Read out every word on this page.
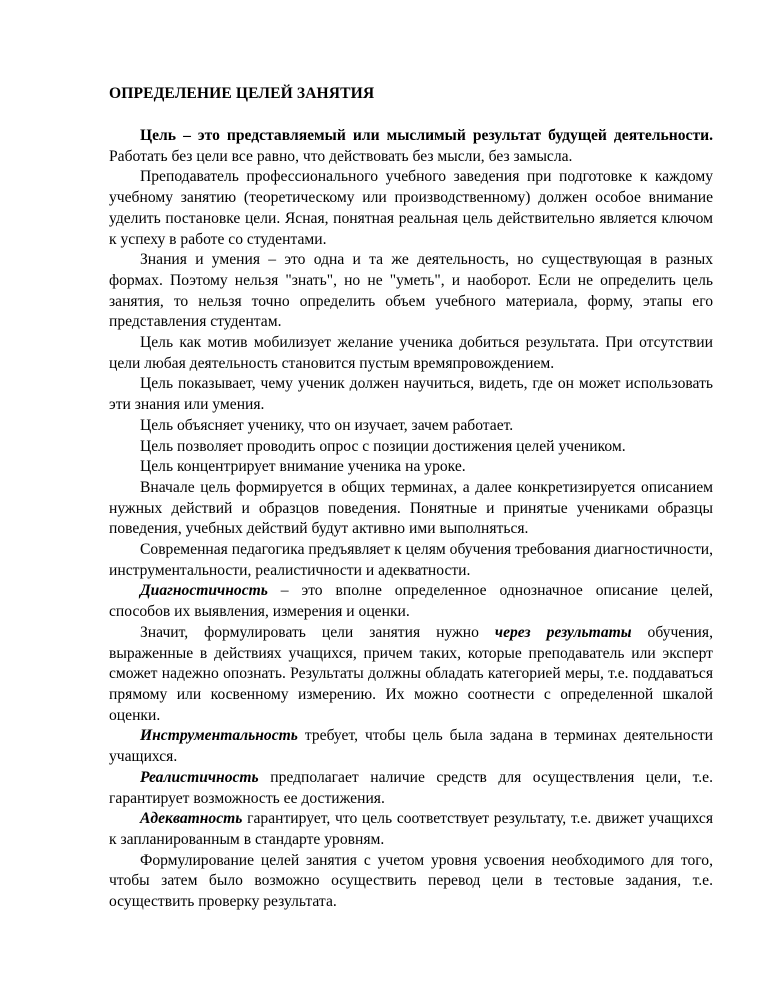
ОПРЕДЕЛЕНИЕ ЦЕЛЕЙ ЗАНЯТИЯ

Цель – это представляемый или мыслимый результат будущей деятельности. Работать без цели все равно, что действовать без мысли, без замысла.

Преподаватель профессионального учебного заведения при подготовке к каждому учебному занятию (теоретическому или производственному) должен особое внимание уделить постановке цели. Ясная, понятная реальная цель действительно является ключом к успеху в работе со студентами.

Знания и умения – это одна и та же деятельность, но существующая в разных формах. Поэтому нельзя "знать", но не "уметь", и наоборот. Если не определить цель занятия, то нельзя точно определить объем учебного материала, форму, этапы его представления студентам.

Цель как мотив мобилизует желание ученика добиться результата. При отсутствии цели любая деятельность становится пустым времяпровождением.

Цель показывает, чему ученик должен научиться, видеть, где он может использовать эти знания или умения.

Цель объясняет ученику, что он изучает, зачем работает.

Цель позволяет проводить опрос с позиции достижения целей учеником.

Цель концентрирует внимание ученика на уроке.

Вначале цель формируется в общих терминах, а далее конкретизируется описанием нужных действий и образцов поведения. Понятные и принятые учениками образцы поведения, учебных действий будут активно ими выполняться.

Современная педагогика предъявляет к целям обучения требования диагностичности, инструментальности, реалистичности и адекватности.

Диагностичность – это вполне определенное однозначное описание целей, способов их выявления, измерения и оценки.

Значит, формулировать цели занятия нужно через результаты обучения, выраженные в действиях учащихся, причем таких, которые преподаватель или эксперт сможет надежно опознать. Результаты должны обладать категорией меры, т.е. поддаваться прямому или косвенному измерению. Их можно соотнести с определенной шкалой оценки.

Инструментальность требует, чтобы цель была задана в терминах деятельности учащихся.

Реалистичность предполагает наличие средств для осуществления цели, т.е. гарантирует возможность ее достижения.

Адекватность гарантирует, что цель соответствует результату, т.е. движет учащихся к запланированным в стандарте уровням.

Формулирование целей занятия с учетом уровня усвоения необходимого для того, чтобы затем было возможно осуществить перевод цели в тестовые задания, т.е. осуществить проверку результата.
